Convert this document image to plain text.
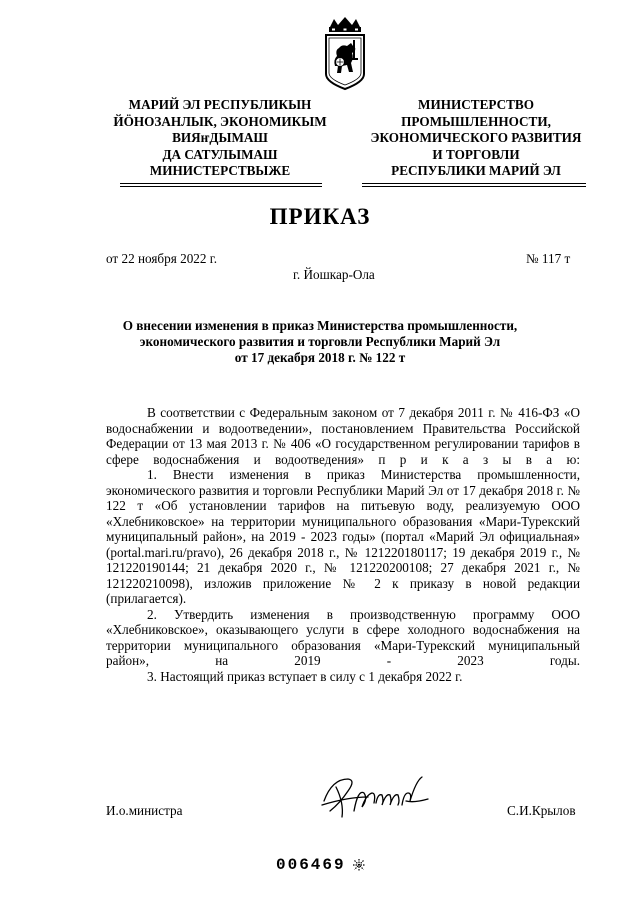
МАРИЙ ЭЛ РЕСПУБЛИКЫН
ЙÖНОЗАНЛЫК, ЭКОНОМИКЫМ
ВИЯҥДЫМАШ
ДА САТУЛЫМАШ
МИНИСТЕРСТВЫЖЕ
МИНИСТЕРСТВО
ПРОМЫШЛЕННОСТИ,
ЭКОНОМИЧЕСКОГО РАЗВИТИЯ
И ТОРГОВЛИ
РЕСПУБЛИКИ МАРИЙ ЭЛ
ПРИКАЗ
от 22 ноября 2022 г.	№ 117 т
г. Йошкар-Ола
О внесении изменения в приказ Министерства промышленности,
экономического развития и торговли Республики Марий Эл
от 17 декабря 2018 г. № 122 т

В соответствии с Федеральным законом от 7 декабря 2011 г. № 416-ФЗ «О водоснабжении и водоотведении», постановлением Правительства Российской Федерации от 13 мая 2013 г. № 406 «О государственном регулировании тарифов в сфере водоснабжения и водоотведения» п р и к а з ы в а ю:

1. Внести изменения в приказ Министерства промышленности, экономического развития и торговли Республики Марий Эл от 17 декабря 2018 г. № 122 т «Об установлении тарифов на питьевую воду, реализуемую ООО «Хлебниковское» на территории муниципального образования «Мари-Турекский муниципальный район», на 2019 - 2023 годы» (портал «Марий Эл официальная» (portal.mari.ru/pravo), 26 декабря 2018 г., № 121220180117; 19 декабря 2019 г., № 121220190144; 21 декабря 2020 г., № 121220200108; 27 декабря 2021 г., № 121220210098), изложив приложение № 2 к приказу в новой редакции (прилагается).

2. Утвердить изменения в производственную программу ООО «Хлебниковское», оказывающего услуги в сфере холодного водоснабжения на территории муниципального образования «Мари-Турекский муниципальный район», на 2019 - 2023 годы.

3. Настоящий приказ вступает в силу с 1 декабря 2022 г.

И.о.министра	С.И.Крылов
006469
